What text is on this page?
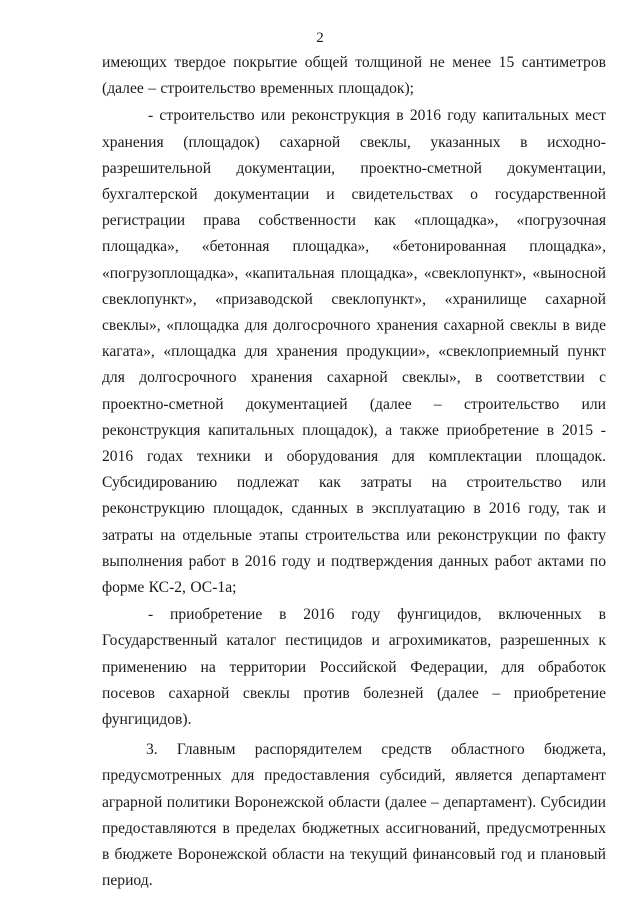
2

имеющих твердое покрытие общей толщиной не менее 15 сантиметров (далее – строительство временных площадок);

- строительство или реконструкция в 2016 году капитальных мест хранения (площадок) сахарной свеклы, указанных в исходно-разрешительной документации, проектно-сметной документации, бухгалтерской документации и свидетельствах о государственной регистрации права собственности как «площадка», «погрузочная площадка», «бетонная площадка», «бетонированная площадка», «погрузоплощадка», «капитальная площадка», «свеклопункт», «выносной свеклопункт», «призаводской свеклопункт», «хранилище сахарной свеклы», «площадка для долгосрочного хранения сахарной свеклы в виде кагата», «площадка для хранения продукции», «свеклоприемный пункт для долгосрочного хранения сахарной свеклы», в соответствии с проектно-сметной документацией (далее – строительство или реконструкция капитальных площадок), а также приобретение в 2015 - 2016 годах техники и оборудования для комплектации площадок. Субсидированию подлежат как затраты на строительство или реконструкцию площадок, сданных в эксплуатацию в 2016 году, так и затраты на отдельные этапы строительства или реконструкции по факту выполнения работ в 2016 году и подтверждения данных работ актами по форме КС-2, ОС-1а;

- приобретение в 2016 году фунгицидов, включенных в Государственный каталог пестицидов и агрохимикатов, разрешенных к применению на территории Российской Федерации, для обработок посевов сахарной свеклы против болезней (далее – приобретение фунгицидов).

3. Главным распорядителем средств областного бюджета, предусмотренных для предоставления субсидий, является департамент аграрной политики Воронежской области (далее – департамент). Субсидии предоставляются в пределах бюджетных ассигнований, предусмотренных в бюджете Воронежской области на текущий финансовый год и плановый период.
